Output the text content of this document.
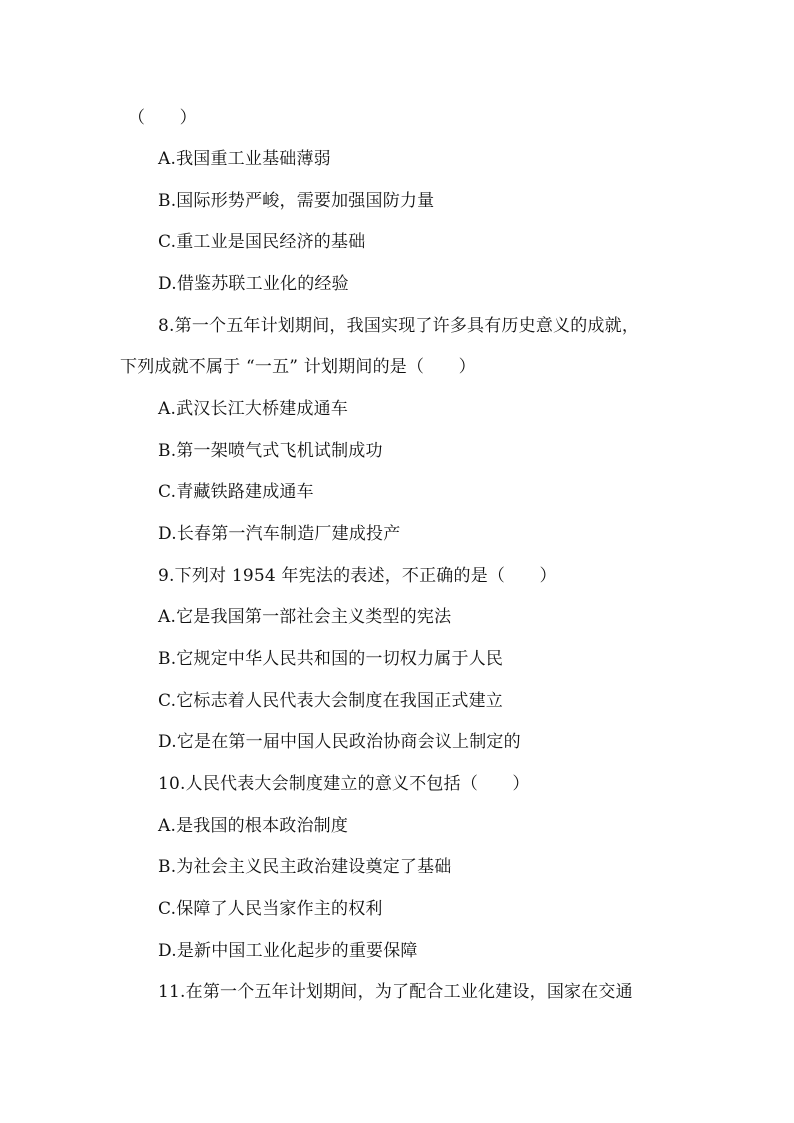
（　　）
A.我国重工业基础薄弱
B.国际形势严峻，需要加强国防力量
C.重工业是国民经济的基础
D.借鉴苏联工业化的经验
8.第一个五年计划期间，我国实现了许多具有历史意义的成就，
下列成就不属于 “一五” 计划期间的是（　　）
A.武汉长江大桥建成通车
B.第一架喷气式飞机试制成功
C.青藏铁路建成通车
D.长春第一汽车制造厂建成投产
9.下列对 1954 年宪法的表述，不正确的是（　　）
A.它是我国第一部社会主义类型的宪法
B.它规定中华人民共和国的一切权力属于人民
C.它标志着人民代表大会制度在我国正式建立
D.它是在第一届中国人民政治协商会议上制定的
10.人民代表大会制度建立的意义不包括（　　）
A.是我国的根本政治制度
B.为社会主义民主政治建设奠定了基础
C.保障了人民当家作主的权利
D.是新中国工业化起步的重要保障
11.在第一个五年计划期间，为了配合工业化建设，国家在交通
